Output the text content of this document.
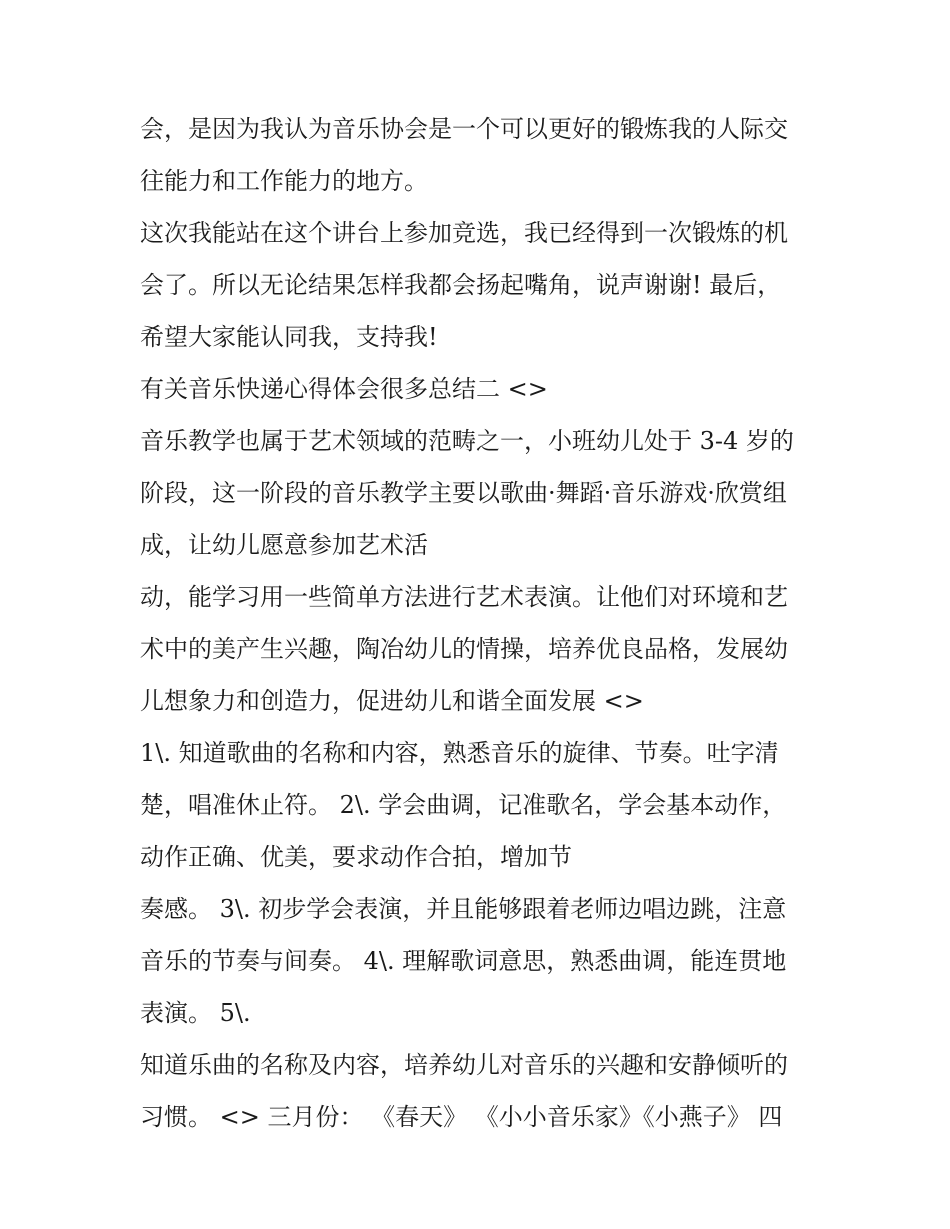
会，是因为我认为音乐协会是一个可以更好的锻炼我的人际交
往能力和工作能力的地方。
这次我能站在这个讲台上参加竞选，我已经得到一次锻炼的机
会了。所以无论结果怎样我都会扬起嘴角，说声谢谢! 最后，
希望大家能认同我，支持我!
有关音乐快递心得体会很多总结二 <>
音乐教学也属于艺术领域的范畴之一，小班幼儿处于 3-4 岁的
阶段，这一阶段的音乐教学主要以歌曲·舞蹈·音乐游戏·欣赏组
成，让幼儿愿意参加艺术活
动，能学习用一些简单方法进行艺术表演。让他们对环境和艺
术中的美产生兴趣，陶冶幼儿的情操，培养优良品格，发展幼
儿想象力和创造力，促进幼儿和谐全面发展 <>
1\. 知道歌曲的名称和内容，熟悉音乐的旋律、节奏。吐字清
楚，唱准休止符。 2\. 学会曲调，记准歌名，学会基本动作，
动作正确、优美，要求动作合拍，增加节
奏感。 3\. 初步学会表演，并且能够跟着老师边唱边跳，注意
音乐的节奏与间奏。 4\. 理解歌词意思，熟悉曲调，能连贯地
表演。 5\.
知道乐曲的名称及内容，培养幼儿对音乐的兴趣和安静倾听的
习惯。 <> 三月份： 《春天》 《小小音乐家》《小燕子》 四
